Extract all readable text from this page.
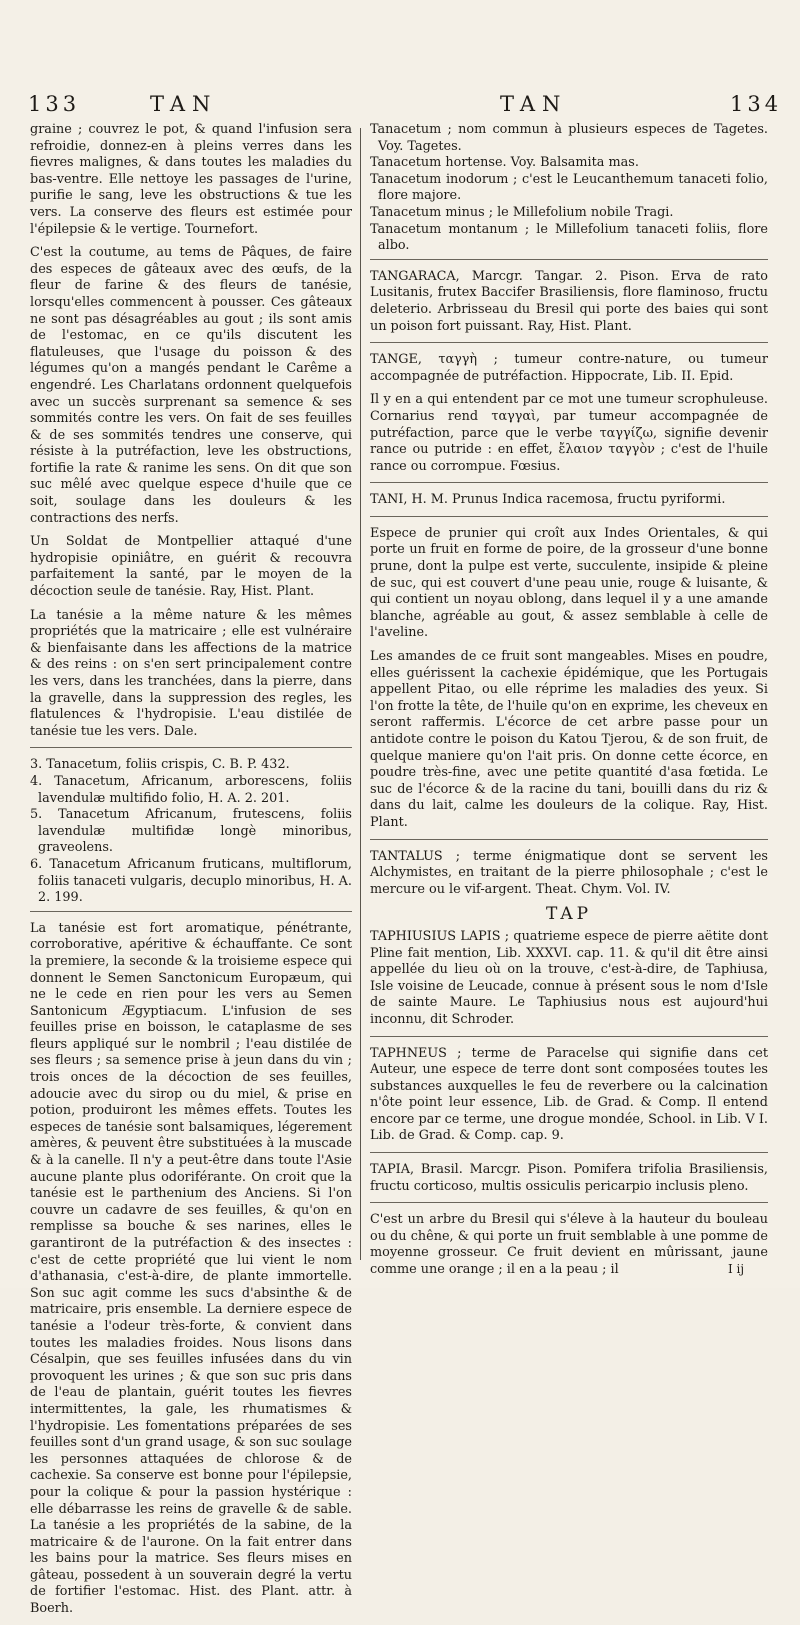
133	TAN	TAN	134

graine ; couvrez le pot, & quand l'infusion sera refroidie, donnez-en à pleins verres dans les fievres malignes, & dans toutes les maladies du bas-ventre. Elle nettoye les passages de l'urine, purifie le sang, leve les obstructions & tue les vers. La conserve des fleurs est estimée pour l'épilepsie & le vertige. Tournefort.

C'est la coutume, au tems de Pâques, de faire des especes de gâteaux avec des œufs, de la fleur de farine & des fleurs de tanésie, lorsqu'elles commencent à pousser. Ces gâteaux ne sont pas désagréables au gout ; ils sont amis de l'estomac, en ce qu'ils discutent les flatuleuses, que l'usage du poisson & des légumes qu'on a mangés pendant le Carême a engendré. Les Charlatans ordonnent quelquefois avec un succès surprenant sa semence & ses sommités contre les vers. On fait de ses feuilles & de ses sommités tendres une conserve, qui résiste à la putréfaction, leve les obstructions, fortifie la rate & ranime les sens. On dit que son suc mêlé avec quelque espece d'huile que ce soit, soulage dans les douleurs & les contractions des nerfs.

Un Soldat de Montpellier attaqué d'une hydropisie opiniâtre, en guérit & recouvra parfaitement la santé, par le moyen de la décoction seule de tanésie. Ray, Hist. Plant.

La tanésie a la même nature & les mêmes propriétés que la matricaire ; elle est vulnéraire & bienfaisante dans les affections de la matrice & des reins : on s'en sert principalement contre les vers, dans les tranchées, dans la pierre, dans la gravelle, dans la suppression des regles, les flatulences & l'hydropisie. L'eau distilée de tanésie tue les vers. Dale.

3. Tanacetum, foliis crispis, C. B. P. 432.

4. Tanacetum, Africanum, arborescens, foliis lavendulæ multifido folio, H. A. 2. 201.

5. Tanacetum Africanum, frutescens, foliis lavendulæ multifidæ longè minoribus, graveolens.

6. Tanacetum Africanum fruticans, multiflorum, foliis tanaceti vulgaris, decuplo minoribus, H. A. 2. 199.

La tanésie est fort aromatique, pénétrante, corroborative, apéritive & échauffante. Ce sont la premiere, la seconde & la troisieme espece qui donnent le Semen Sanctonicum Europæum, qui ne le cede en rien pour les vers au Semen Santonicum Ægyptiacum. L'infusion de ses feuilles prise en boisson, le cataplasme de ses fleurs appliqué sur le nombril ; l'eau distilée de ses fleurs ; sa semence prise à jeun dans du vin ; trois onces de la décoction de ses feuilles, adoucie avec du sirop ou du miel, & prise en potion, produiront les mêmes effets. Toutes les especes de tanésie sont balsamiques, légerement amères, & peuvent être substituées à la muscade & à la canelle. Il n'y a peut-être dans toute l'Asie aucune plante plus odoriférante. On croit que la tanésie est le parthenium des Anciens. Si l'on couvre un cadavre de ses feuilles, & qu'on en remplisse sa bouche & ses narines, elles le garantiront de la putréfaction & des insectes : c'est de cette propriété que lui vient le nom d'athanasia, c'est-à-dire, de plante immortelle. Son suc agit comme les sucs d'absinthe & de matricaire, pris ensemble. La derniere espece de tanésie a l'odeur très-forte, & convient dans toutes les maladies froides. Nous lisons dans Césalpin, que ses feuilles infusées dans du vin provoquent les urines ; & que son suc pris dans de l'eau de plantain, guérit toutes les fievres intermittentes, la gale, les rhumatismes & l'hydropisie. Les fomentations préparées de ses feuilles sont d'un grand usage, & son suc soulage les personnes attaquées de chlorose & de cachexie. Sa conserve est bonne pour l'épilepsie, pour la colique & pour la passion hystérique : elle débarrasse les reins de gravelle & de sable. La tanésie a les propriétés de la sabine, de la matricaire & de l'aurone. On la fait entrer dans les bains pour la matrice. Ses fleurs mises en gâteau, possedent à un souverain degré la vertu de fortifier l'estomac. Hist. des Plant. attr. à Boerh.

Tanacetum ; nom commun à plusieurs especes de Tagetes. Voy. Tagetes.

Tanacetum hortense. Voy. Balsamita mas.

Tanacetum inodorum ; c'est le Leucanthemum tanaceti folio, flore majore.

Tanacetum minus ; le Millefolium nobile Tragi.

Tanacetum montanum ; le Millefolium tanaceti foliis, flore albo.

TANGARACA, Marcgr. Tangar. 2. Pison. Erva de rato Lusitanis, frutex Baccifer Brasiliensis, flore flaminoso, fructu deleterio. Arbrisseau du Bresil qui porte des baies qui sont un poison fort puissant. Ray, Hist. Plant.

TANGE, ταγγὴ ; tumeur contre-nature, ou tumeur accompagnée de putréfaction. Hippocrate, Lib. II. Epid.

Il y en a qui entendent par ce mot une tumeur scrophuleuse. Cornarius rend ταγγαὶ, par tumeur accompagnée de putréfaction, parce que le verbe ταγγίζω, signifie devenir rance ou putride : en effet, ἔλαιον ταγγὸν ; c'est de l'huile rance ou corrompue. Fœsius.

TANI, H. M. Prunus Indica racemosa, fructu pyriformi.

Espece de prunier qui croît aux Indes Orientales, & qui porte un fruit en forme de poire, de la grosseur d'une bonne prune, dont la pulpe est verte, succulente, insipide & pleine de suc, qui est couvert d'une peau unie, rouge & luisante, & qui contient un noyau oblong, dans lequel il y a une amande blanche, agréable au gout, & assez semblable à celle de l'aveline.

Les amandes de ce fruit sont mangeables. Mises en poudre, elles guérissent la cachexie épidémique, que les Portugais appellent Pitao, ou elle réprime les maladies des yeux. Si l'on frotte la tête, de l'huile qu'on en exprime, les cheveux en seront raffermis. L'écorce de cet arbre passe pour un antidote contre le poison du Katou Tjerou, & de son fruit, de quelque maniere qu'on l'ait pris. On donne cette écorce, en poudre très-fine, avec une petite quantité d'asa fœtida. Le suc de l'écorce & de la racine du tani, bouilli dans du riz & dans du lait, calme les douleurs de la colique. Ray, Hist. Plant.

TANTALUS ; terme énigmatique dont se servent les Alchymistes, en traitant de la pierre philosophale ; c'est le mercure ou le vif-argent. Theat. Chym. Vol. IV.

TAP

TAPHIUSIUS LAPIS ; quatrieme espece de pierre aëtite dont Pline fait mention, Lib. XXXVI. cap. 11. & qu'il dit être ainsi appellée du lieu où on la trouve, c'est-à-dire, de Taphiusa, Isle voisine de Leucade, connue à présent sous le nom d'Isle de sainte Maure. Le Taphiusius nous est aujourd'hui inconnu, dit Schroder.

TAPHNEUS ; terme de Paracelse qui signifie dans cet Auteur, une espece de terre dont sont composées toutes les substances auxquelles le feu de reverbere ou la calcination n'ôte point leur essence, Lib. de Grad. & Comp. Il entend encore par ce terme, une drogue mondée, School. in Lib. V I. Lib. de Grad. & Comp. cap. 9.

TAPIA, Brasil. Marcgr. Pison. Pomifera trifolia Brasiliensis, fructu corticoso, multis ossiculis pericarpio inclusis pleno.

C'est un arbre du Bresil qui s'éleve à la hauteur du bouleau ou du chêne, & qui porte un fruit semblable à une pomme de moyenne grosseur. Ce fruit devient en mûrissant, jaune comme une orange ; il en a la peau ; il	I ij
